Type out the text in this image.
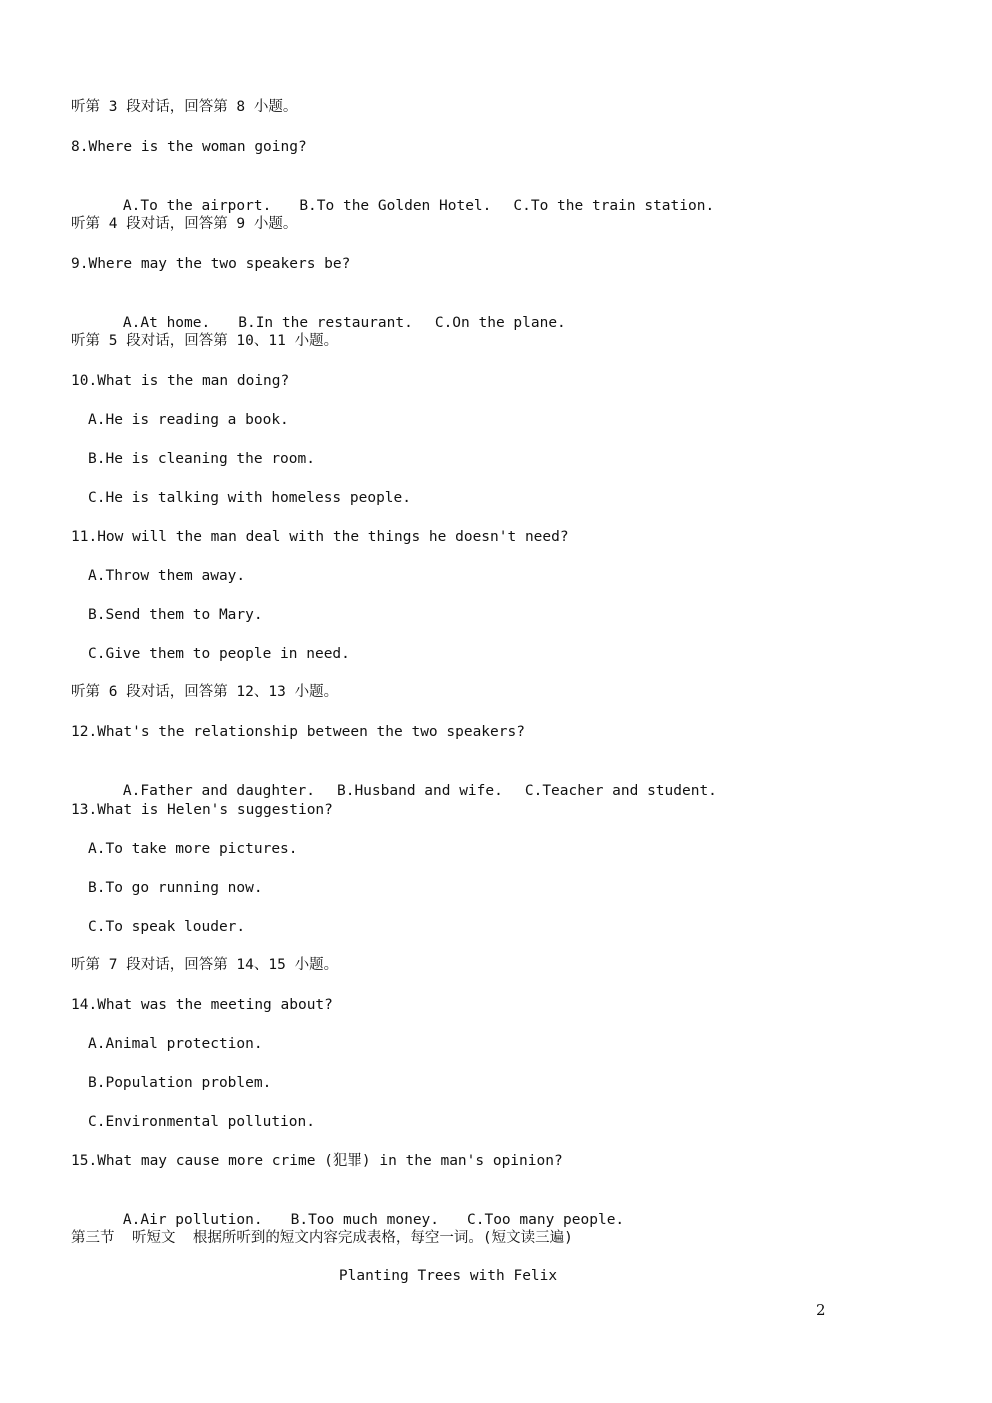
听第 3 段对话，回答第 8 小题。
8.Where is the woman going?

A.To the airport. B.To the Golden Hotel. C.To the train station.

听第 4 段对话，回答第 9 小题。
9.Where may the two speakers be?

A.At home. B.In the restaurant. C.On the plane.

听第 5 段对话，回答第 10、11 小题。
10.What is the man doing?
A.He is reading a book.
B.He is cleaning the room.
C.He is talking with homeless people.
11.How will the man deal with the things he doesn't need?
A.Throw them away.
B.Send them to Mary.
C.Give them to people in need.
听第 6 段对话，回答第 12、13 小题。
12.What's the relationship between the two speakers?

A.Father and daughter. B.Husband and wife. C.Teacher and student.

13.What is Helen's suggestion?
A.To take more pictures.
B.To go running now.
C.To speak louder.
听第 7 段对话，回答第 14、15 小题。
14.What was the meeting about?
A.Animal protection.
B.Population problem.
C.Environmental pollution.
15.What may cause more crime (犯罪) in the man's opinion?

A.Air pollution. B.Too much money. C.Too many people.

第三节  听短文  根据所听到的短文内容完成表格，每空一词。(短文读三遍)
Planting Trees with Felix
2
